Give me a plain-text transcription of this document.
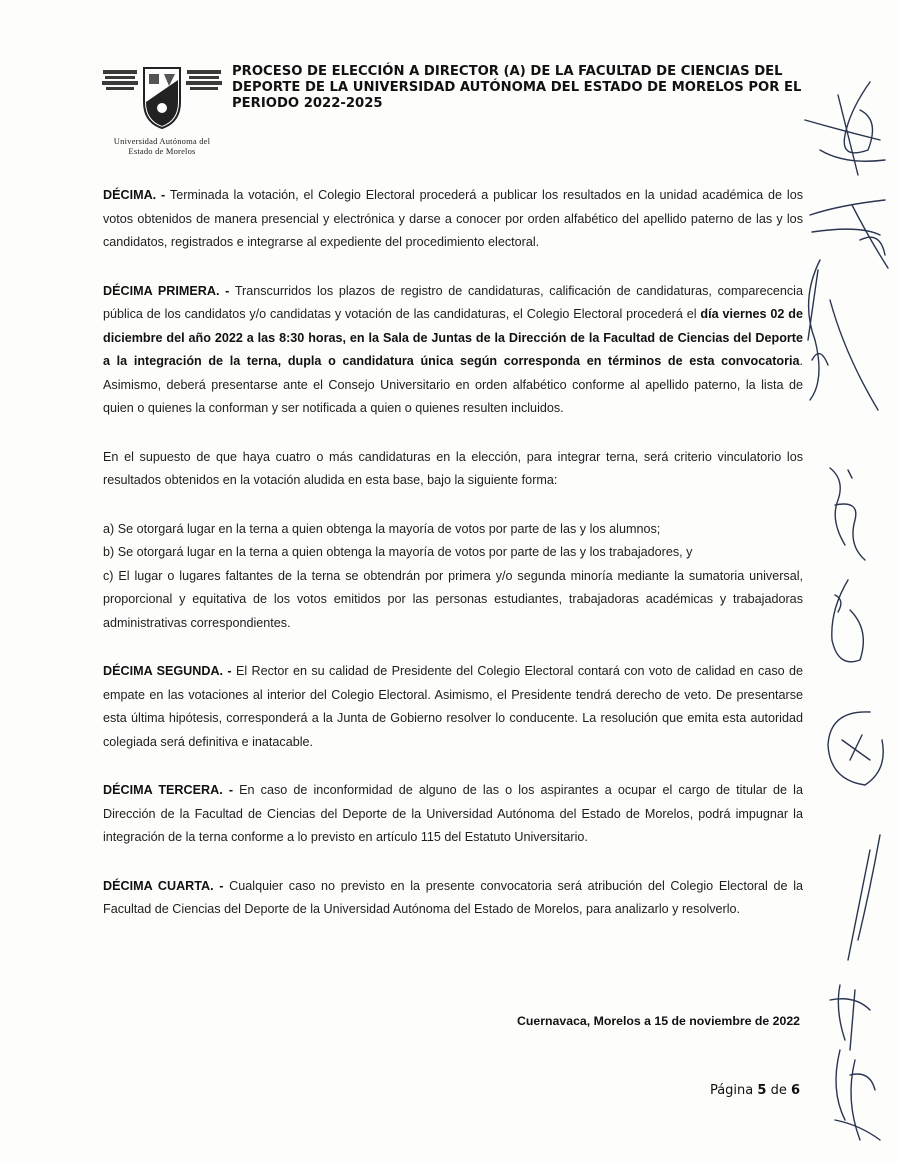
Universidad Autónoma del
Estado de Morelos
PROCESO DE ELECCIÓN A DIRECTOR (A) DE LA FACULTAD DE CIENCIAS DEL DEPORTE DE LA UNIVERSIDAD AUTÓNOMA DEL ESTADO DE MORELOS POR EL PERIODO 2022-2025

DÉCIMA. - Terminada la votación, el Colegio Electoral procederá a publicar los resultados en la unidad académica de los votos obtenidos de manera presencial y electrónica y darse a conocer por orden alfabético del apellido paterno de las y los candidatos, registrados e integrarse al expediente del procedimiento electoral.

DÉCIMA PRIMERA. - Transcurridos los plazos de registro de candidaturas, calificación de candidaturas, comparecencia pública de los candidatos y/o candidatas y votación de las candidaturas, el Colegio Electoral procederá el día viernes 02 de diciembre del año 2022 a las 8:30 horas, en la Sala de Juntas de la Dirección de la Facultad de Ciencias del Deporte a la integración de la terna, dupla o candidatura única según corresponda en términos de esta convocatoria. Asimismo, deberá presentarse ante el Consejo Universitario en orden alfabético conforme al apellido paterno, la lista de quien o quienes la conforman y ser notificada a quien o quienes resulten incluidos.

En el supuesto de que haya cuatro o más candidaturas en la elección, para integrar terna, será criterio vinculatorio los resultados obtenidos en la votación aludida en esta base, bajo la siguiente forma:

a) Se otorgará lugar en la terna a quien obtenga la mayoría de votos por parte de las y los alumnos;

b) Se otorgará lugar en la terna a quien obtenga la mayoría de votos por parte de las y los trabajadores, y

c) El lugar o lugares faltantes de la terna se obtendrán por primera y/o segunda minoría mediante la sumatoria universal, proporcional y equitativa de los votos emitidos por las personas estudiantes, trabajadoras académicas y trabajadoras administrativas correspondientes.

DÉCIMA SEGUNDA. - El Rector en su calidad de Presidente del Colegio Electoral contará con voto de calidad en caso de empate en las votaciones al interior del Colegio Electoral. Asimismo, el Presidente tendrá derecho de veto. De presentarse esta última hipótesis, corresponderá a la Junta de Gobierno resolver lo conducente. La resolución que emita esta autoridad colegiada será definitiva e inatacable.

DÉCIMA TERCERA. - En caso de inconformidad de alguno de las o los aspirantes a ocupar el cargo de titular de la Dirección de la Facultad de Ciencias del Deporte de la Universidad Autónoma del Estado de Morelos, podrá impugnar la integración de la terna conforme a lo previsto en artículo 115 del Estatuto Universitario.

DÉCIMA CUARTA. - Cualquier caso no previsto en la presente convocatoria será atribución del Colegio Electoral de la Facultad de Ciencias del Deporte de la Universidad Autónoma del Estado de Morelos, para analizarlo y resolverlo.

Cuernavaca, Morelos a 15 de noviembre de 2022
Página 5 de 6
